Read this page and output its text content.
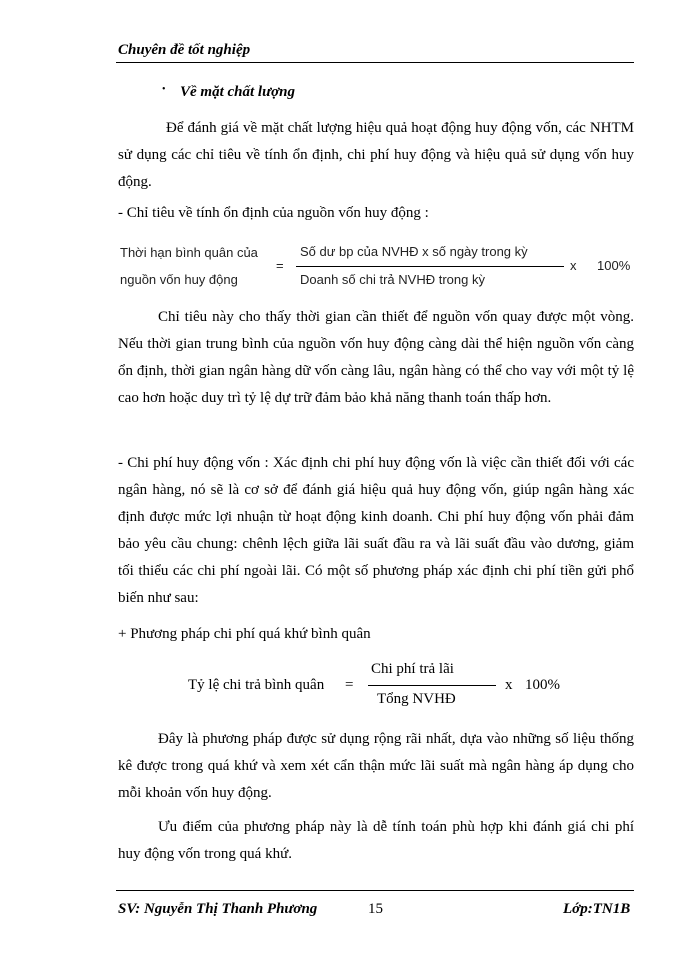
Chuyên đề tốt nghiệp
• Về mặt chất lượng
Để đánh giá về mặt chất lượng hiệu quả hoạt động huy động vốn, các NHTM sử dụng các chỉ tiêu về tính ổn định, chi phí huy động và hiệu quả sử dụng vốn huy động.
- Chỉ tiêu về tính ổn định của nguồn vốn huy động :
Thời hạn bình quân của
nguồn vốn huy động
=
Số dư bp của NVHĐ x số ngày trong kỳ
Doanh số chi trả NVHĐ trong kỳ
x 100%
Chỉ tiêu này cho thấy thời gian cần thiết để nguồn vốn quay được một vòng. Nếu thời gian trung bình của nguồn vốn huy động càng dài thể hiện nguồn vốn càng ổn định, thời gian ngân hàng dữ vốn càng lâu, ngân hàng có thể cho vay với một tỷ lệ cao hơn hoặc duy trì tỷ lệ dự trữ đảm bảo khả năng thanh toán thấp hơn.
- Chi phí huy động vốn : Xác định chi phí huy động vốn là việc cần thiết đối với các ngân hàng, nó sẽ là cơ sở để đánh giá hiệu quả huy động vốn, giúp ngân hàng xác định được mức lợi nhuận từ hoạt động kinh doanh. Chi phí huy động vốn phải đảm bảo yêu cầu chung: chênh lệch giữa lãi suất đầu ra và lãi suất đầu vào dương, giảm tối thiểu các chi phí ngoài lãi. Có một số phương pháp xác định chi phí tiền gửi phổ biến như sau:
+ Phương pháp chi phí quá khứ bình quân
Tỷ lệ chi trả bình quân =
Chi phí trả lãi
Tổng NVHĐ
x 100%
Đây là phương pháp được sử dụng rộng rãi nhất, dựa vào những số liệu thống kê được trong quá khứ và xem xét cẩn thận mức lãi suất mà ngân hàng áp dụng cho mỗi khoản vốn huy động.
Ưu điểm của phương pháp này là dễ tính toán phù hợp khi đánh giá chi phí huy động vốn trong quá khứ.
SV: Nguyễn Thị Thanh Phương	15	Lớp:TN1B
